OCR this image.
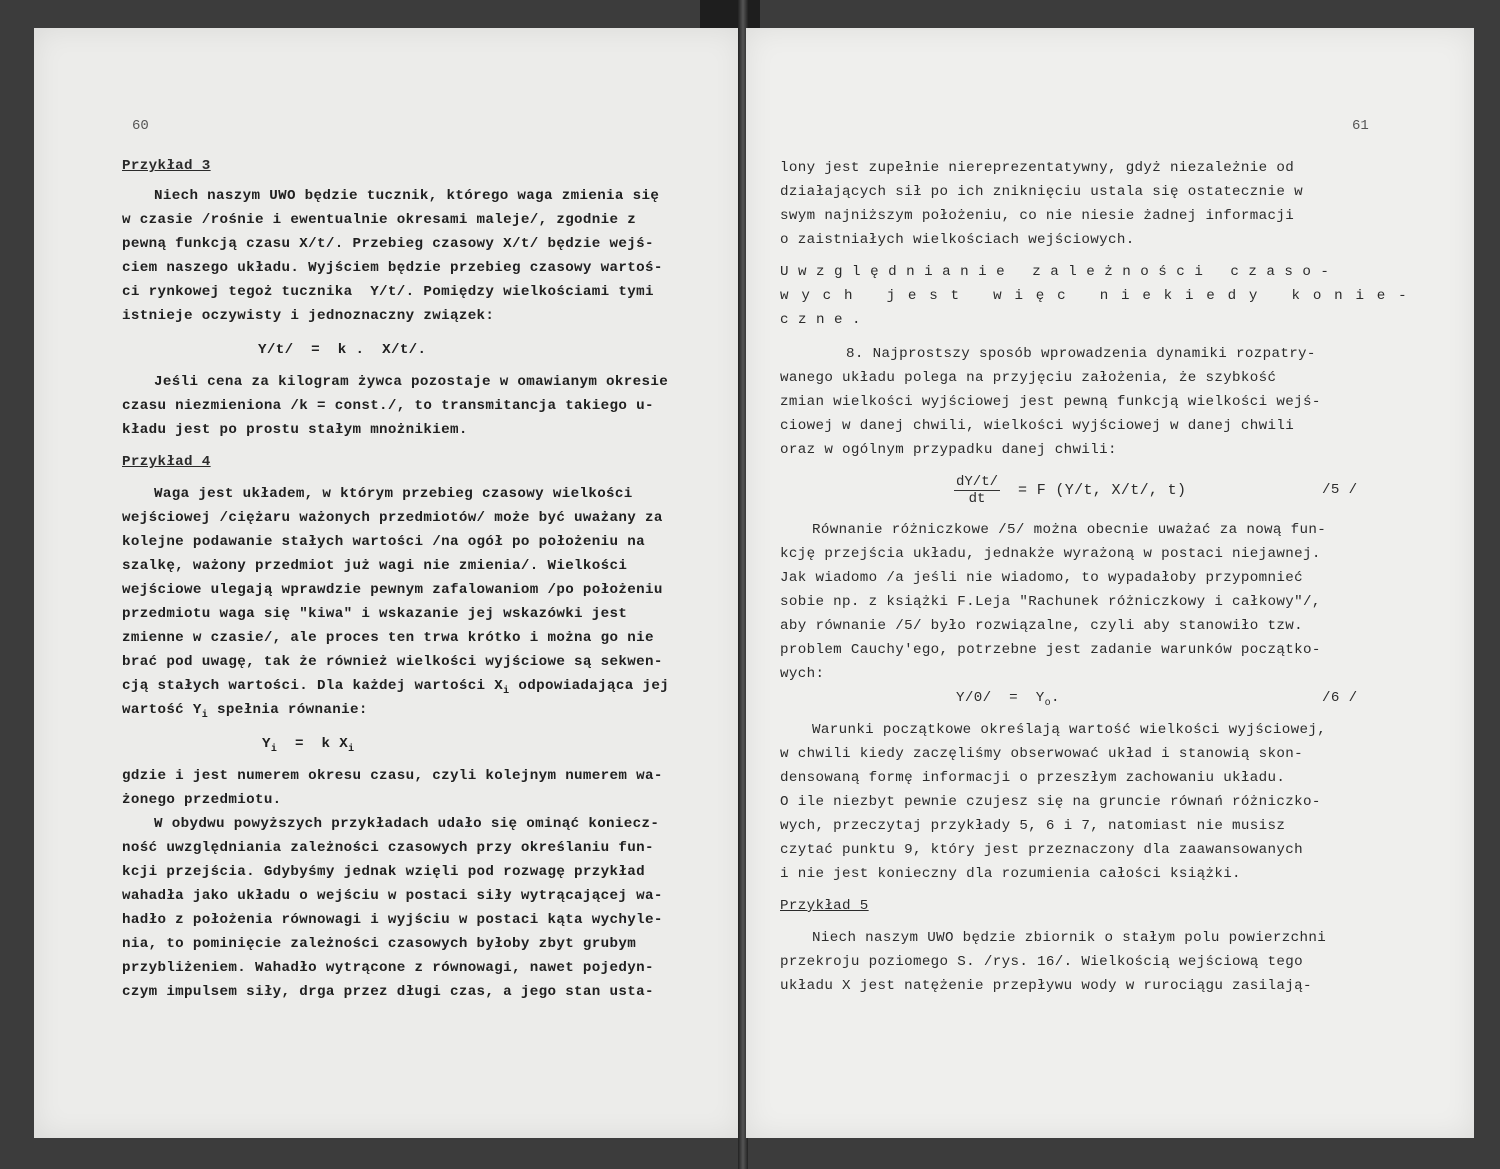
60
Przykład 3
Niech naszym UWO będzie tucznik, którego waga zmienia się
w czasie /rośnie i ewentualnie okresami maleje/, zgodnie z
pewną funkcją czasu X/t/. Przebieg czasowy X/t/ będzie wejś-
ciem naszego układu. Wyjściem będzie przebieg czasowy wartoś-
ci rynkowej tegoż tucznika  Y/t/. Pomiędzy wielkościami tymi
istnieje oczywisty i jednoznaczny związek:
Y/t/  =  k .  X/t/.
Jeśli cena za kilogram żywca pozostaje w omawianym okresie
czasu niezmieniona /k = const./, to transmitancja takiego u-
kładu jest po prostu stałym mnożnikiem.
Przykład 4
Waga jest układem, w którym przebieg czasowy wielkości
wejściowej /ciężaru ważonych przedmiotów/ może być uważany za
kolejne podawanie stałych wartości /na ogół po położeniu na
szalkę, ważony przedmiot już wagi nie zmienia/. Wielkości
wejściowe ulegają wprawdzie pewnym zafalowaniom /po położeniu
przedmiotu waga się "kiwa" i wskazanie jej wskazówki jest
zmienne w czasie/, ale proces ten trwa krótko i można go nie
brać pod uwagę, tak że również wielkości wyjściowe są sekwen-
cją stałych wartości. Dla każdej wartości $X_i$ odpowiadająca jej
wartość $Y_i$ spełnia równanie:
$Y_i = k$ $X_i$
gdzie i jest numerem okresu czasu, czyli kolejnym numerem wa-
żonego przedmiotu.
W obydwu powyższych przykładach udało się ominąć koniecz-
ność uwzględniania zależności czasowych przy określaniu fun-
kcji przejścia. Gdybyśmy jednak wzięli pod rozwagę przykład
wahadła jako układu o wejściu w postaci siły wytrącającej wa-
hadło z położenia równowagi i wyjściu w postaci kąta wychyle-
nia, to pominięcie zależności czasowych byłoby zbyt grubym
przybliżeniem. Wahadło wytrącone z równowagi, nawet pojedyn-
czym impulsem siły, drga przez długi czas, a jego stan usta-
61
lony jest zupełnie niereprezentatywny, gdyż niezależnie od
działających sił po ich zniknięciu ustala się ostatecznie w
swym najniższym położeniu, co nie niesie żadnej informacji
o zaistniałych wielkościach wejściowych.
Uwzględnianie zależności czaso-
wych jest więc niekiedy konie-
czne.
8. Najprostszy sposób wprowadzenia dynamiki rozpatry-
wanego układu polega na przyjęciu założenia, że szybkość
zmian wielkości wyjściowej jest pewną funkcją wielkości wejś-
ciowej w danej chwili, wielkości wyjściowej w danej chwili
oraz w ogólnym przypadku danej chwili:
$\frac{dY/t/}{dt} = F$ (Y/t, X/t/, t)	/5 /
Równanie różniczkowe /5/ można obecnie uważać za nową fun-
kcję przejścia układu, jednakże wyrażoną w postaci niejawnej.
Jak wiadomo /a jeśli nie wiadomo, to wypadałoby przypomnieć
sobie np. z książki F.Leja "Rachunek różniczkowy i całkowy"/,
aby równanie /5/ było rozwiązalne, czyli aby stanowiło tzw.
problem Cauchy'ego, potrzebne jest zadanie warunków początko-
wych:
$Y/0/ = Y_o$.	/6 /
Warunki początkowe określają wartość wielkości wyjściowej,
w chwili kiedy zaczęliśmy obserwować układ i stanowią skon-
densowaną formę informacji o przeszłym zachowaniu układu.
O ile niezbyt pewnie czujesz się na gruncie równań różniczko-
wych, przeczytaj przykłady 5, 6 i 7, natomiast nie musisz
czytać punktu 9, który jest przeznaczony dla zaawansowanych
i nie jest konieczny dla rozumienia całości książki.
Przykład 5
Niech naszym UWO będzie zbiornik o stałym polu powierzchni
przekroju poziomego S. /rys. 16/. Wielkością wejściową tego
układu X jest natężenie przepływu wody w rurociągu zasilają-
